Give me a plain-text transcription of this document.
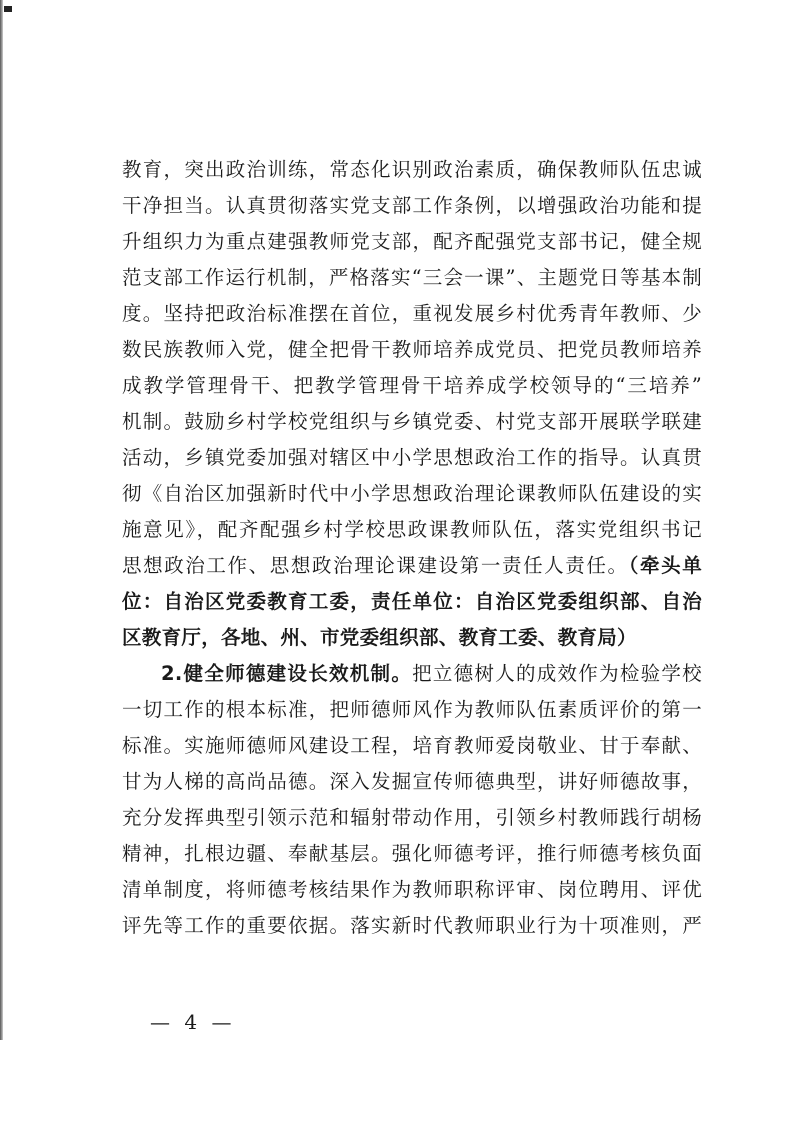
教育，突出政治训练，常态化识别政治素质，确保教师队伍忠诚
干净担当。认真贯彻落实党支部工作条例，以增强政治功能和提
升组织力为重点建强教师党支部，配齐配强党支部书记，健全规
范支部工作运行机制，严格落实“三会一课”、主题党日等基本制
度。坚持把政治标准摆在首位，重视发展乡村优秀青年教师、少
数民族教师入党，健全把骨干教师培养成党员、把党员教师培养
成教学管理骨干、把教学管理骨干培养成学校领导的“三培养”
机制。鼓励乡村学校党组织与乡镇党委、村党支部开展联学联建
活动，乡镇党委加强对辖区中小学思想政治工作的指导。认真贯
彻《自治区加强新时代中小学思想政治理论课教师队伍建设的实
施意见》，配齐配强乡村学校思政课教师队伍，落实党组织书记
思想政治工作、思想政治理论课建设第一责任人责任。（牵头单
位：自治区党委教育工委，责任单位：自治区党委组织部、自治
区教育厅，各地、州、市党委组织部、教育工委、教育局）
2.健全师德建设长效机制。把立德树人的成效作为检验学校
一切工作的根本标准，把师德师风作为教师队伍素质评价的第一
标准。实施师德师风建设工程，培育教师爱岗敬业、甘于奉献、
甘为人梯的高尚品德。深入发掘宣传师德典型，讲好师德故事，
充分发挥典型引领示范和辐射带动作用，引领乡村教师践行胡杨
精神，扎根边疆、奉献基层。强化师德考评，推行师德考核负面
清单制度，将师德考核结果作为教师职称评审、岗位聘用、评优
评先等工作的重要依据。落实新时代教师职业行为十项准则，严
— 4 —
